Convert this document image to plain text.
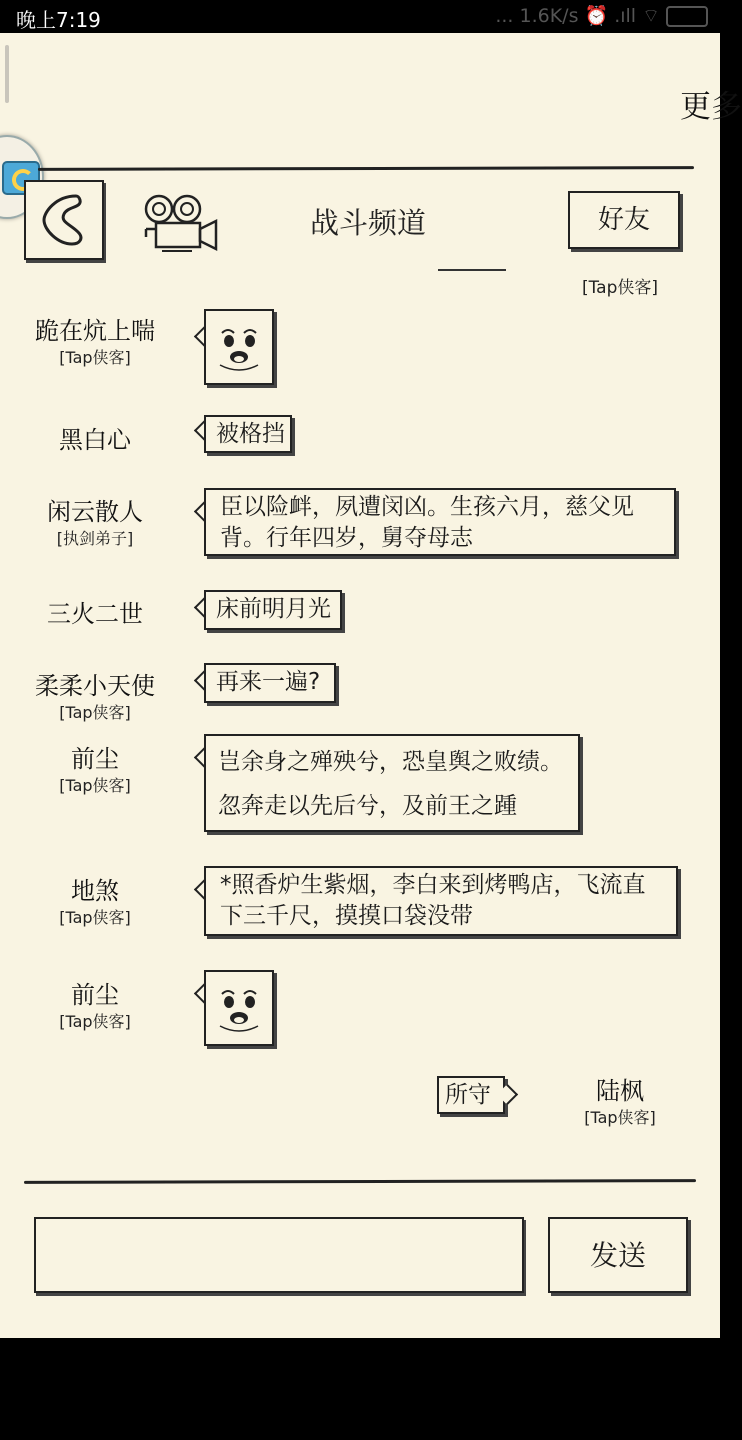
晚上7:19	... 1.6K/s ⏰ .ıll ⌔
更多
战斗频道	好友
[Tap侠客]
跪在炕上喘
[Tap侠客]
黑白心	被格挡
闲云散人
[执剑弟子]
臣以险衅，夙遭闵凶。生孩六月，慈父见
背。行年四岁，舅夺母志
三火二世	床前明月光
柔柔小天使
[Tap侠客]
再来一遍?
前尘
[Tap侠客]
岂余身之殚殃兮，恐皇舆之败绩。
忽奔走以先后兮，及前王之踵
地煞
[Tap侠客]
*照香炉生紫烟，李白来到烤鸭店，飞流直
下三千尺，摸摸口袋没带
前尘
[Tap侠客]
陆枫
[Tap侠客]
所守
发送
